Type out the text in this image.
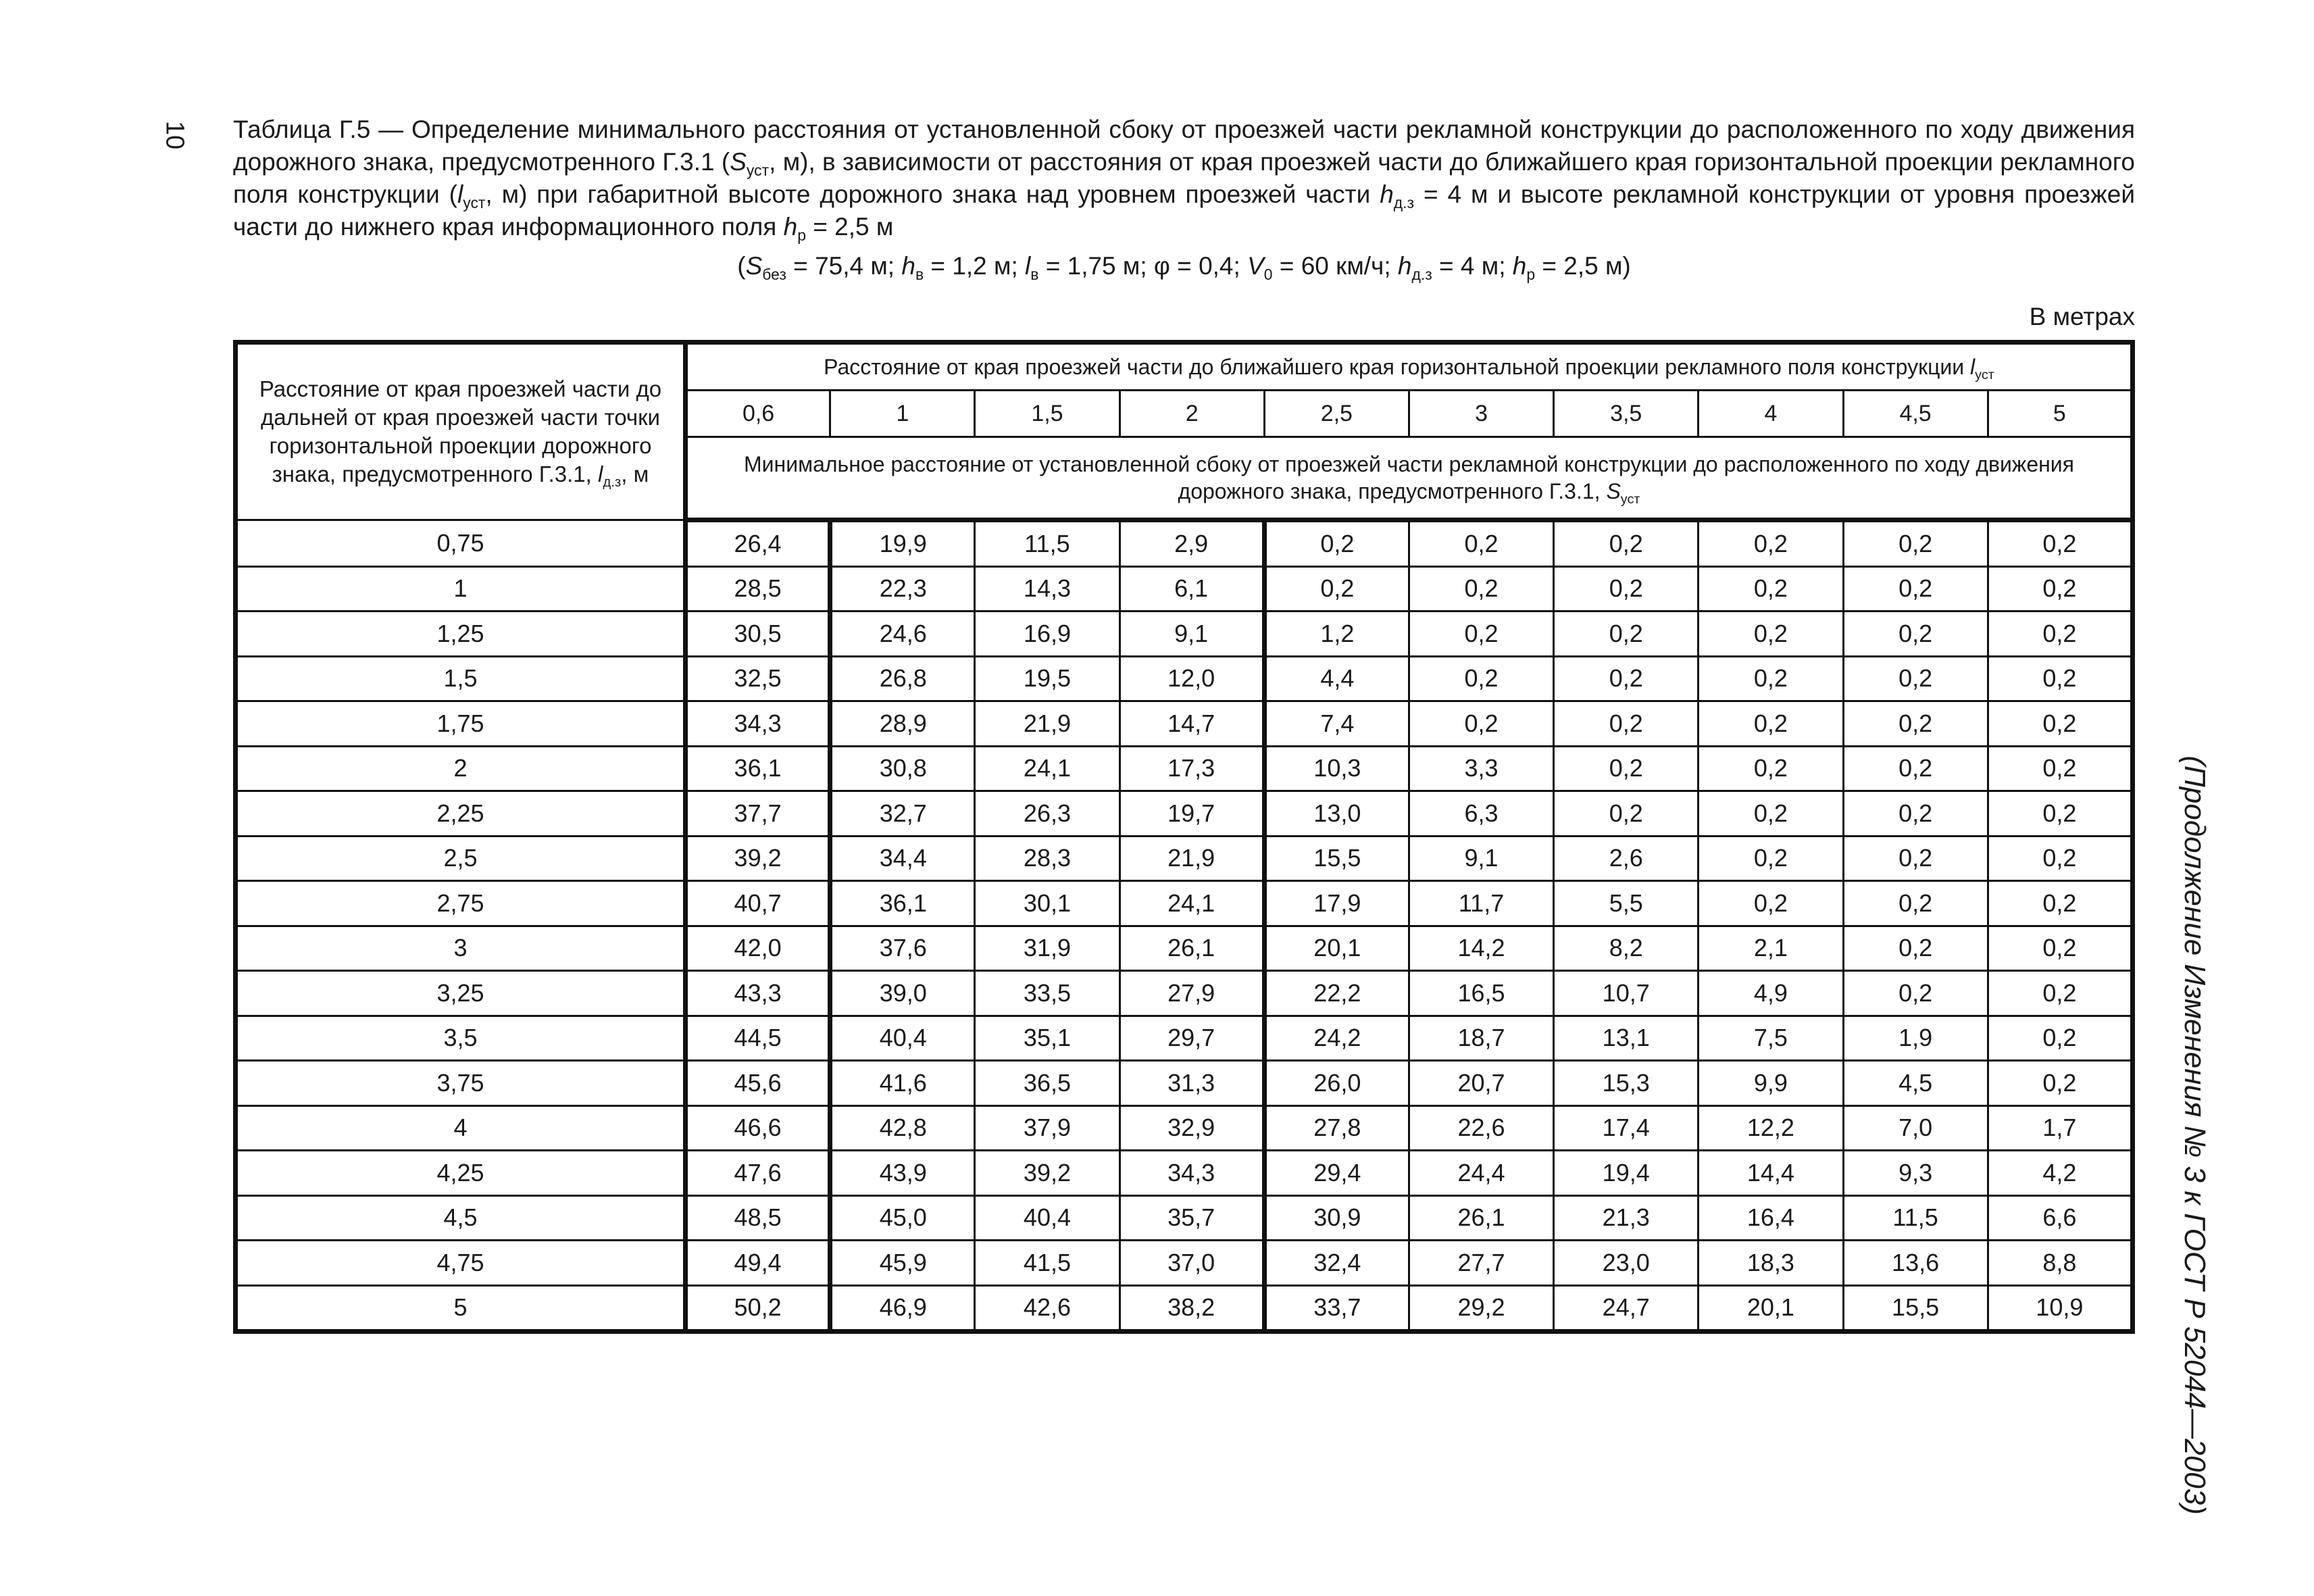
10
(Продолжение Изменения № 3 к ГОСТ Р 52044—2003)
Таблица Г.5 — Определение минимального расстояния от установленной сбоку от проезжей части рекламной конструкции до расположенного по ходу движения дорожного знака, предусмотренного Г.3.1 ($S_{уст}$, м), в зависимости от расстояния от края проезжей части до ближайшего края горизонтальной проекции рекламного поля конструкции ($l_{уст}$, м) при габаритной высоте дорожного знака над уровнем проезжей части $h_{д.з} = 4$ м и высоте рекламной конструкции от уровня проезжей части до нижнего края информационного поля $h_р = 2,5$ м
($S_{без} = 75,4$ м; $h_в = 1,2$ м; $l_в = 1,75$ м; φ = 0,4; $V_0 = 60$ км/ч; $h_{д.з} = 4$ м; $h_р = 2,5$ м)
В метрах
Расстояние от края проезжей части до дальней от края проезжей части точки горизонтальной проекции дорожного знака, предусмотренного Г.3.1, $l_{д.з}$, м	Расстояние от края проезжей части до ближайшего края горизонтальной проекции рекламного поля конструкции $l_{уст}$
	0,6	1	1,5	2	2,5	3	3,5	4	4,5	5
	Минимальное расстояние от установленной сбоку от проезжей части рекламной конструкции до расположенного по ходу движения дорожного знака, предусмотренного Г.3.1, $S_{уст}$
0,75	26,4	19,9	11,5	2,9	0,2	0,2	0,2	0,2	0,2	0,2
1	28,5	22,3	14,3	6,1	0,2	0,2	0,2	0,2	0,2	0,2
1,25	30,5	24,6	16,9	9,1	1,2	0,2	0,2	0,2	0,2	0,2
1,5	32,5	26,8	19,5	12,0	4,4	0,2	0,2	0,2	0,2	0,2
1,75	34,3	28,9	21,9	14,7	7,4	0,2	0,2	0,2	0,2	0,2
2	36,1	30,8	24,1	17,3	10,3	3,3	0,2	0,2	0,2	0,2
2,25	37,7	32,7	26,3	19,7	13,0	6,3	0,2	0,2	0,2	0,2
2,5	39,2	34,4	28,3	21,9	15,5	9,1	2,6	0,2	0,2	0,2
2,75	40,7	36,1	30,1	24,1	17,9	11,7	5,5	0,2	0,2	0,2
3	42,0	37,6	31,9	26,1	20,1	14,2	8,2	2,1	0,2	0,2
3,25	43,3	39,0	33,5	27,9	22,2	16,5	10,7	4,9	0,2	0,2
3,5	44,5	40,4	35,1	29,7	24,2	18,7	13,1	7,5	1,9	0,2
3,75	45,6	41,6	36,5	31,3	26,0	20,7	15,3	9,9	4,5	0,2
4	46,6	42,8	37,9	32,9	27,8	22,6	17,4	12,2	7,0	1,7
4,25	47,6	43,9	39,2	34,3	29,4	24,4	19,4	14,4	9,3	4,2
4,5	48,5	45,0	40,4	35,7	30,9	26,1	21,3	16,4	11,5	6,6
4,75	49,4	45,9	41,5	37,0	32,4	27,7	23,0	18,3	13,6	8,8
5	50,2	46,9	42,6	38,2	33,7	29,2	24,7	20,1	15,5	10,9
